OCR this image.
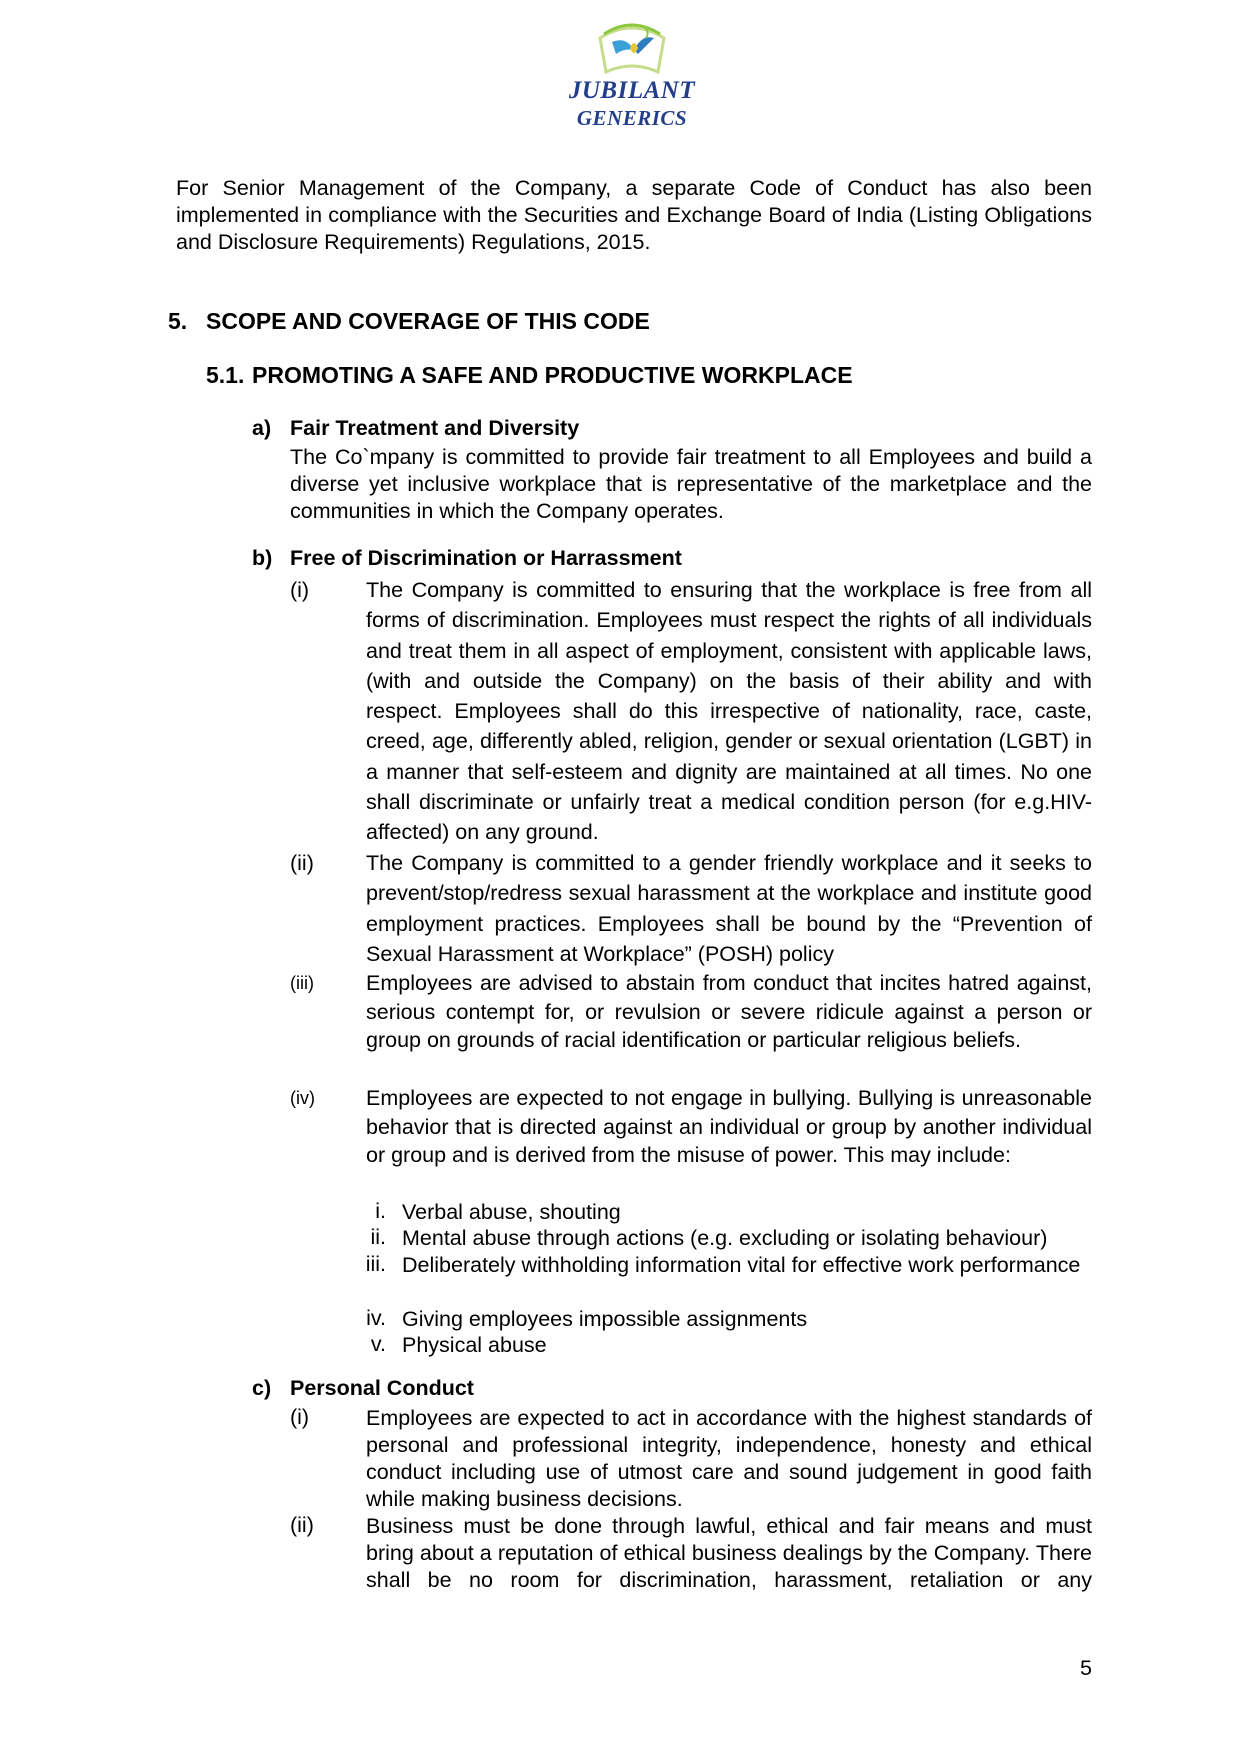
JUBILANT
GENERICS
For Senior Management of the Company, a separate Code of Conduct has also been implemented in compliance with the Securities and Exchange Board of India (Listing Obligations and Disclosure Requirements) Regulations, 2015.
5. SCOPE AND COVERAGE OF THIS CODE
5.1. PROMOTING A SAFE AND PRODUCTIVE WORKPLACE
a) Fair Treatment and Diversity
The Co`mpany is committed to provide fair treatment to all Employees and build a diverse yet inclusive workplace that is representative of the marketplace and the communities in which the Company operates.
b) Free of Discrimination or Harrassment
(i)	The Company is committed to ensuring that the workplace is free from all forms of discrimination. Employees must respect the rights of all individuals and treat them in all aspect of employment, consistent with applicable laws, (with and outside the Company) on the basis of their ability and with respect. Employees shall do this irrespective of nationality, race, caste, creed, age, differently abled, religion, gender or sexual orientation (LGBT) in a manner that self-esteem and dignity are maintained at all times. No one shall discriminate or unfairly treat a medical condition person (for e.g.HIV-affected) on any ground.
(ii) The Company is committed to a gender friendly workplace and it seeks to prevent/stop/redress sexual harassment at the workplace and institute good employment practices. Employees shall be bound by the “Prevention of Sexual Harassment at Workplace” (POSH) policy
(iii) Employees are advised to abstain from conduct that incites hatred against, serious contempt for, or revulsion or severe ridicule against a person or group on grounds of racial identification or particular religious beliefs.
(iv) Employees are expected to not engage in bullying. Bullying is unreasonable behavior that is directed against an individual or group by another individual or group and is derived from the misuse of power. This may include:
i. Verbal abuse, shouting
ii. Mental abuse through actions (e.g. excluding or isolating behaviour)
iii. Deliberately withholding information vital for effective work performance
iv. Giving employees impossible assignments
v. Physical abuse
c) Personal Conduct
(i)	Employees are expected to act in accordance with the highest standards of personal and professional integrity, independence, honesty and ethical conduct including use of utmost care and sound judgement in good faith while making business decisions.
(ii) Business must be done through lawful, ethical and fair means and must bring about a reputation of ethical business dealings by the Company. There shall be no room for discrimination, harassment, retaliation or any
5
